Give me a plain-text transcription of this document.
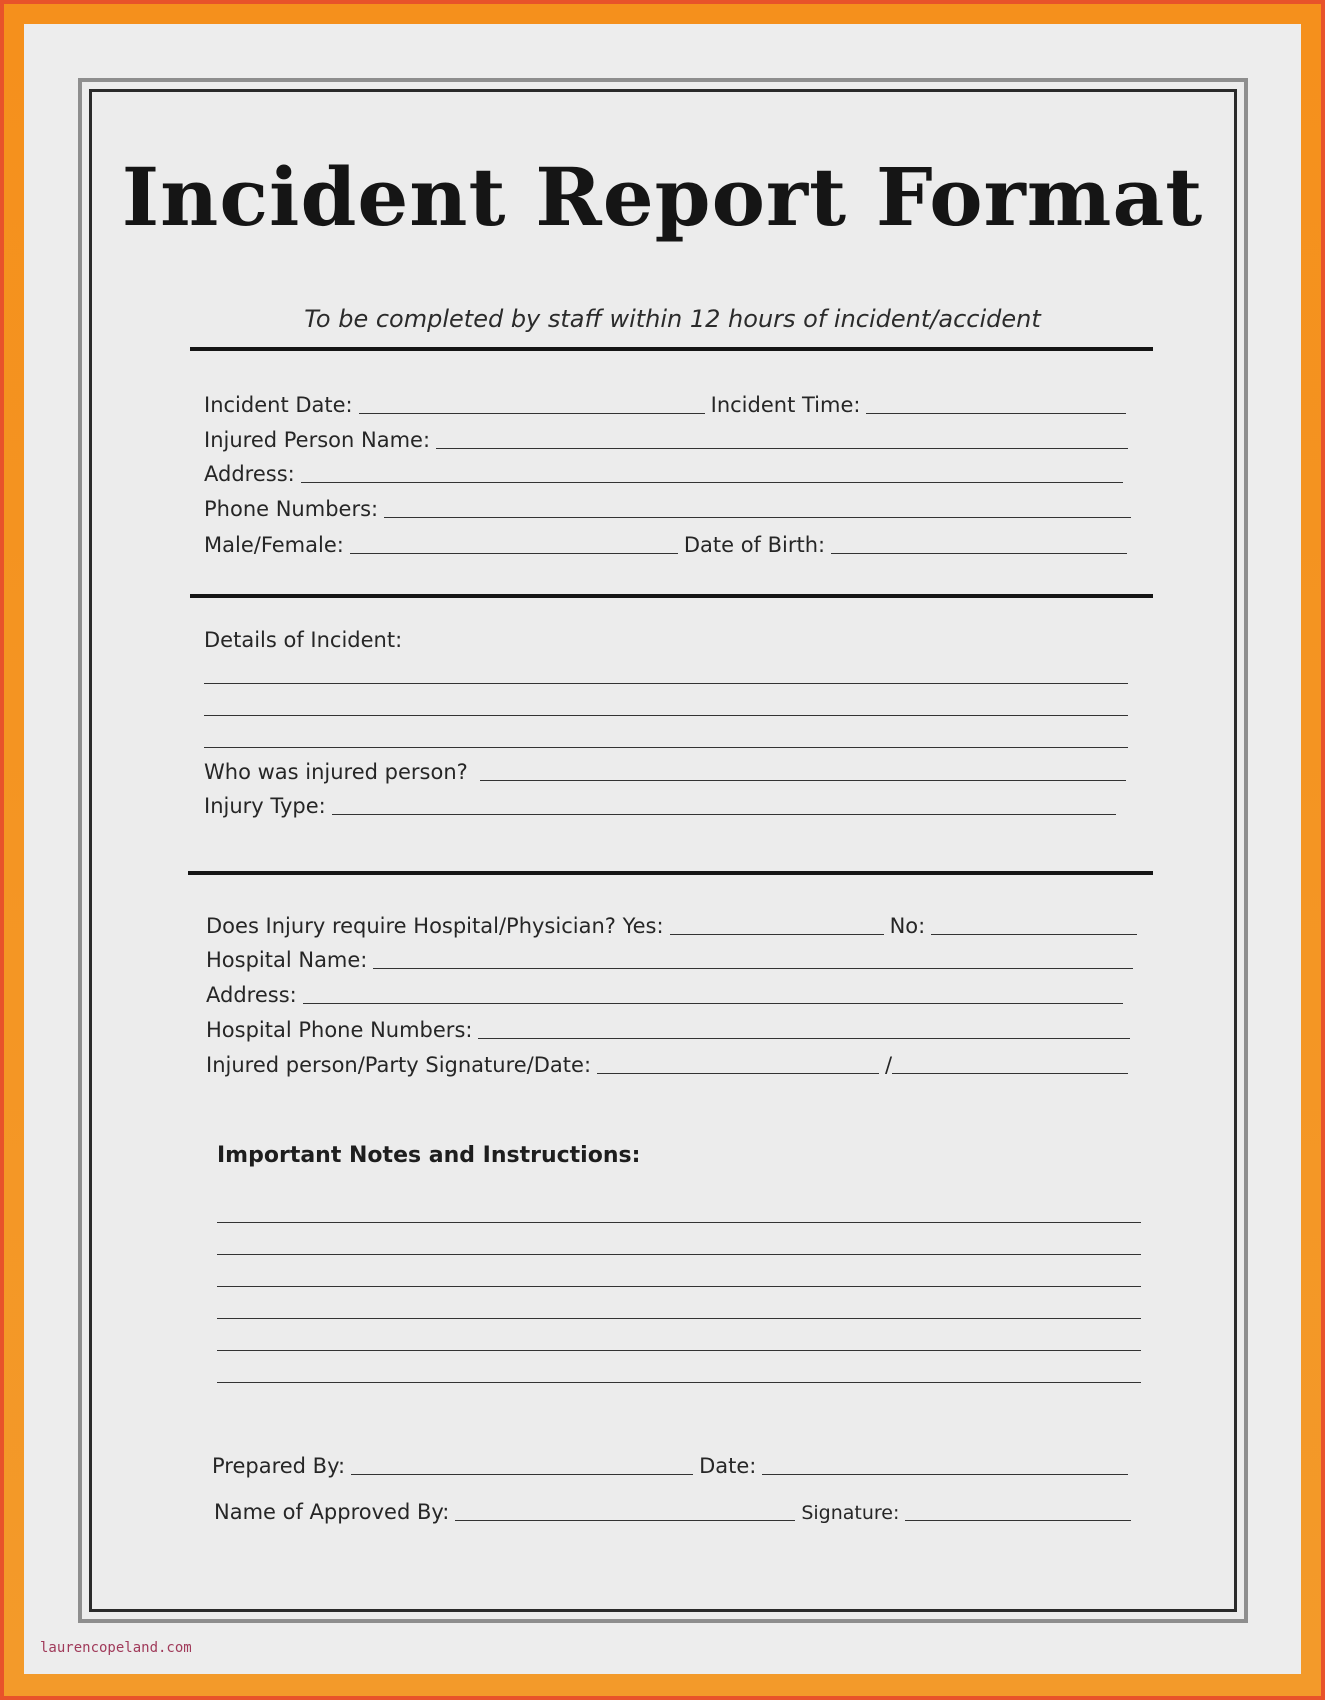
Incident Report Format
To be completed by staff within 12 hours of incident/accident
Incident Date:	Incident Time:
Injured Person Name:
Address:
Phone Numbers:
Male/Female:	Date of Birth:
Details of Incident:
Who was injured person?
Injury Type:
Does Injury require Hospital/Physician? Yes:	No:
Hospital Name:
Address:
Hospital Phone Numbers:
Injured person/Party Signature/Date:	/
Important Notes and Instructions:
Prepared By:	Date:
Name of Approved By:	Signature:
laurencopeland.com
